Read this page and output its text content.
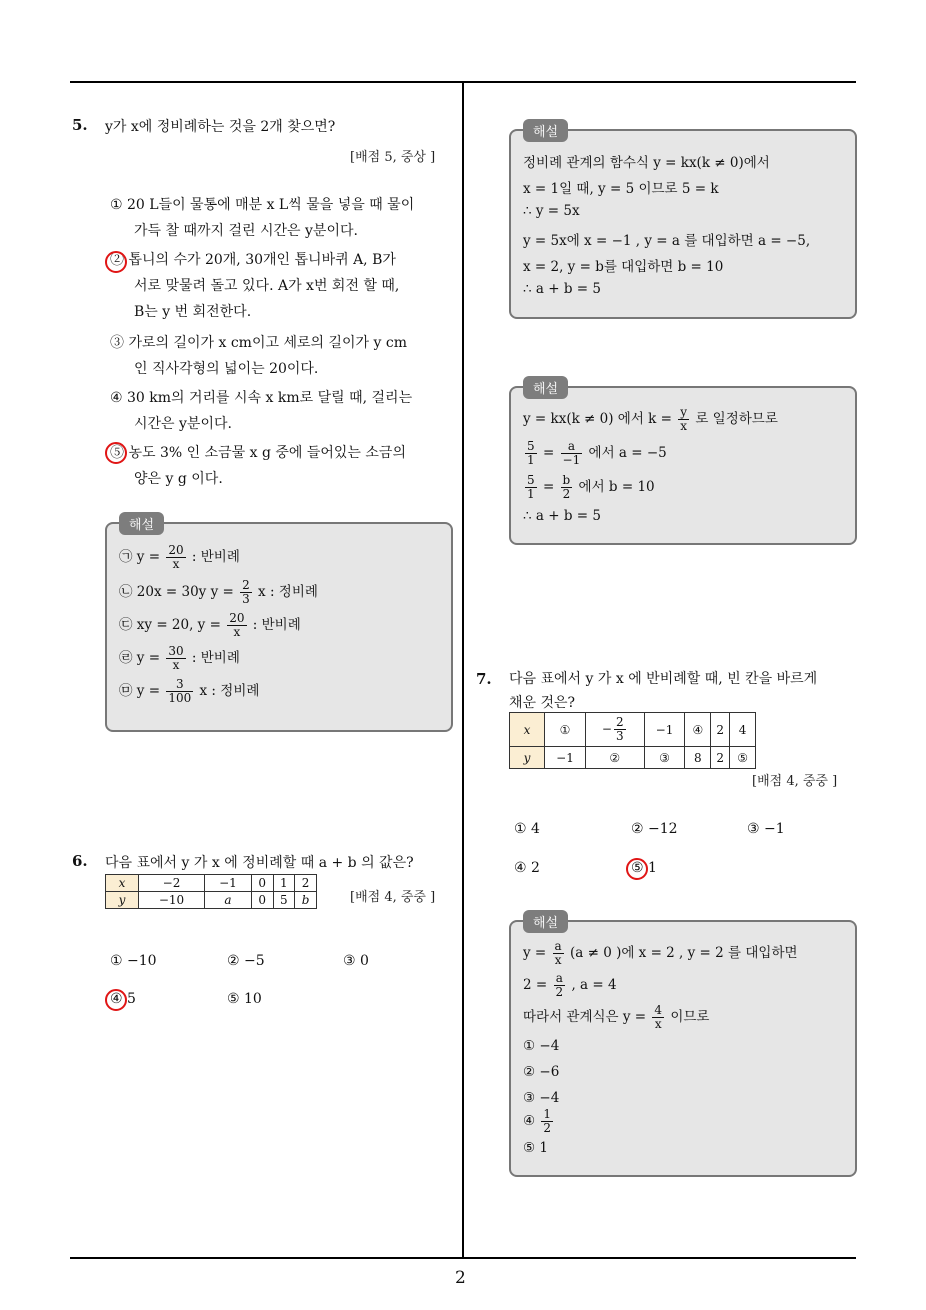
2
5. y가 x에 정비례하는 것을 2개 찾으면?
[배점 5, 중상 ]
① 20 L들이 물통에 매분 x L씩 물을 넣을 때 물이
가득 찰 때까지 걸린 시간은 y분이다.
② 톱니의 수가 20개, 30개인 톱니바퀴 A, B가
서로 맞물려 돌고 있다. A가 x번 회전 할 때,
B는 y 번 회전한다.
③ 가로의 길이가 x cm이고 세로의 길이가 y cm
인 직사각형의 넓이는 20이다.
④ 30 km의 거리를 시속 x km로 달릴 때, 걸리는
시간은 y분이다.
⑤ 농도 3% 인 소금물 x g 중에 들어있는 소금의
양은 y g 이다.
해설
㉠ $y = \frac{20}{x}$ : 반비례
㉡ 20x = 30y $y = \frac{2}{3}$ x : 정비례
㉢ xy = 20, $y = \frac{20}{x}$ : 반비례
㉣ $y = \frac{30}{x}$ : 반비례
㉤ $y = \frac{3}{100}$ x : 정비례
6. 다음 표에서 y 가 x 에 정비례할 때 a + b 의 값은?
x	−2	−1	0	1	2
y	−10	a	0	5	b	[배점 4, 중중 ]
① −10	② −5	③ 0
④ 5	⑤ 10
해설
정비례 관계의 함수식 y = kx(k ≠ 0)에서
x = 1일 때, y = 5 이므로 5 = k
∴ y = 5x
y = 5x에 x = −1 , y = a 를 대입하면 a = −5,
x = 2, y = b를 대입하면 b = 10
∴ a + b = 5
해설
y = kx(k ≠ 0) 에서 $k = \frac{y}{x}$ 로 일정하므로
$\frac{5}{1} = \frac{a}{-1}$ 에서 a = −5
$\frac{5}{1} = \frac{b}{2}$ 에서 b = 10
∴ a + b = 5
7. 다음 표에서 y 가 x 에 반비례할 때, 빈 칸을 바르게
채운 것은?
x	①	− $\frac{2}{3}$	−1	④	2	4
y	−1	②	③	8	2	⑤
[배점 4, 중중 ]
① 4	② −12	③ −1
④ 2	⑤ 1
해설
$y = \frac{a}{x} (a \ne 0$ )에 x = 2 , y = 2 를 대입하면
$2 = \frac{a}{2}$ , a = 4
따라서 관계식은 $y = \frac{4}{x}$ 이므로
① −4
② −6
③ −4
④ $\frac{1}{2}$
⑤ 1
